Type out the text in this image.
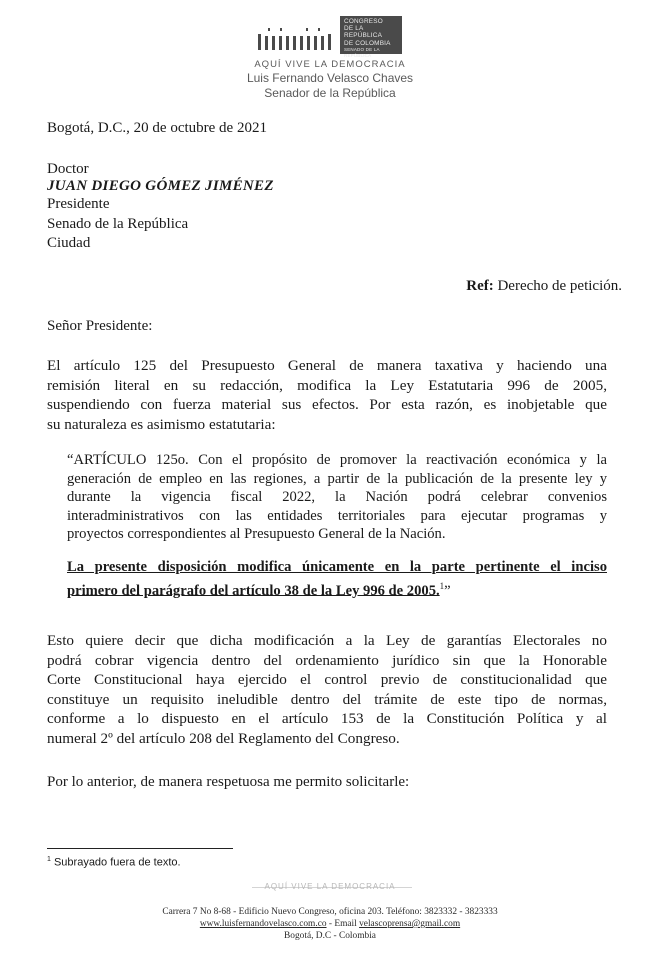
CONGRESO
DE LA REPÚBLICA
DE COLOMBIA
SENADO DE LA REPÚBLICA
AQUÍ VIVE LA DEMOCRACIA
Luis Fernando Velasco Chaves
Senador de la República
Bogotá, D.C., 20 de octubre de 2021
Doctor
JUAN DIEGO GÓMEZ JIMÉNEZ
Presidente
Senado de la República
Ciudad
Ref: Derecho de petición.
Señor Presidente:
El artículo 125 del Presupuesto General de manera taxativa y haciendo una
remisión literal en su redacción, modifica la Ley Estatutaria 996 de 2005,
suspendiendo con fuerza material sus efectos. Por esta razón, es inobjetable que
su naturaleza es asimismo estatutaria:
“ARTÍCULO 125o. Con el propósito de promover la reactivación económica y la
generación de empleo en las regiones, a partir de la publicación de la presente ley y
durante la vigencia fiscal 2022, la Nación podrá celebrar convenios
interadministrativos con las entidades territoriales para ejecutar programas y
proyectos correspondientes al Presupuesto General de la Nación.
La presente disposición modifica únicamente en la parte pertinente el inciso
primero del parágrafo del artículo 38 de la Ley 996 de 2005.$^1$”
Esto quiere decir que dicha modificación a la Ley de garantías Electorales no
podrá cobrar vigencia dentro del ordenamiento jurídico sin que la Honorable
Corte Constitucional haya ejercido el control previo de constitucionalidad que
constituye un requisito ineludible dentro del trámite de este tipo de normas,
conforme a lo dispuesto en el artículo 153 de la Constitución Política y al
numeral 2º del artículo 208 del Reglamento del Congreso.
Por lo anterior, de manera respetuosa me permito solicitarle:
$^1$ Subrayado fuera de texto.
AQUÍ VIVE LA DEMOCRACIA
Carrera 7 No 8-68 - Edificio Nuevo Congreso, oficina 203. Teléfono: 3823332 - 3823333
www.luisfernandovelasco.com.co - Email velascoprensa@gmail.com
Bogotá, D.C - Colombia
